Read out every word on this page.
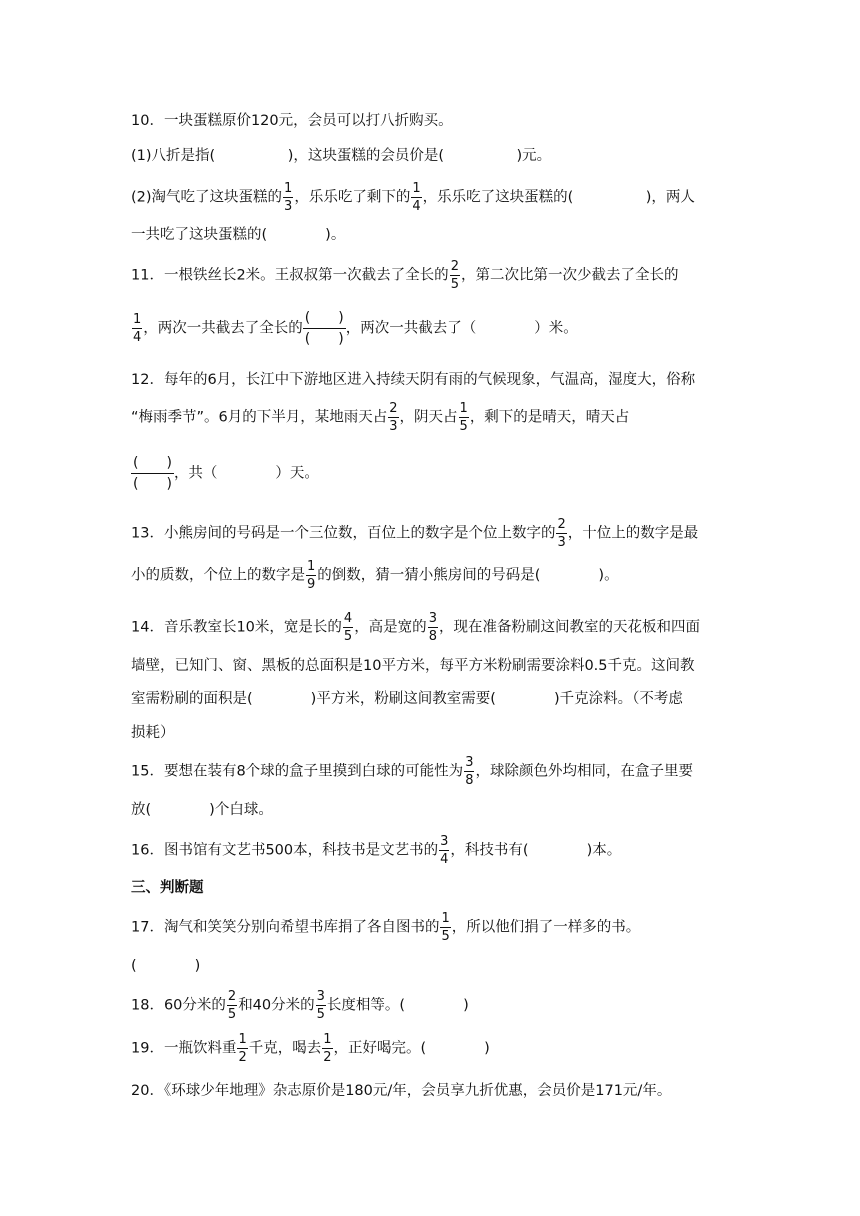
10．一块蛋糕原价120元，会员可以打八折购买。
(1)八折是指(　　　　　)，这块蛋糕的会员价是(　　　　　)元。
(2)淘气吃了这块蛋糕的 $\frac{1}{3}$ ，乐乐吃了剩下的 $\frac{1}{4}$ ，乐乐吃了这块蛋糕的(　　　　　)，两人
一共吃了这块蛋糕的(　　　　)。
11．一根铁丝长2米。王叔叔第一次截去了全长的 $\frac{2}{5}$ ，第二次比第一次少截去了全长的
$\frac{1}{4}$ ，两次一共截去了全长的
(　　)
(　　)
，两次一共截去了（　　　　）米。
12．每年的6月，长江中下游地区进入持续天阴有雨的气候现象，气温高，湿度大，俗称
“梅雨季节”。6月的下半月，某地雨天占 $\frac{2}{3}$ ，阴天占 $\frac{1}{5}$ ，剩下的是晴天，晴天占
(　　)
(　　)
，共（　　　　）天。
13．小熊房间的号码是一个三位数，百位上的数字是个位上数字的 $\frac{2}{3}$ ，十位上的数字是最
小的质数，个位上的数字是 $\frac{1}{9}$ 的倒数，猜一猜小熊房间的号码是(　　　　)。
14．音乐教室长10米，宽是长的 $\frac{4}{5}$ ，高是宽的 $\frac{3}{8}$ ，现在准备粉刷这间教室的天花板和四面
墙壁，已知门、窗、黑板的总面积是10平方米，每平方米粉刷需要涂料0.5千克。这间教
室需粉刷的面积是(　　　　)平方米，粉刷这间教室需要(　　　　)千克涂料。（不考虑
损耗）
15．要想在装有8个球的盒子里摸到白球的可能性为 $\frac{3}{8}$ ，球除颜色外均相同，在盒子里要
放(　　　　)个白球。
16．图书馆有文艺书500本，科技书是文艺书的 $\frac{3}{4}$ ，科技书有(　　　　)本。
三、判断题
17．淘气和笑笑分别向希望书库捐了各自图书的 $\frac{1}{5}$ ，所以他们捐了一样多的书。
(　　　　)
18．60分米的 $\frac{2}{5}$ 和40分米的 $\frac{3}{5}$ 长度相等。(　　　　)
19．一瓶饮料重 $\frac{1}{2}$ 千克，喝去 $\frac{1}{2}$ ，正好喝完。(　　　　)
20．《环球少年地理》杂志原价是180元/年，会员享九折优惠，会员价是171元/年。
